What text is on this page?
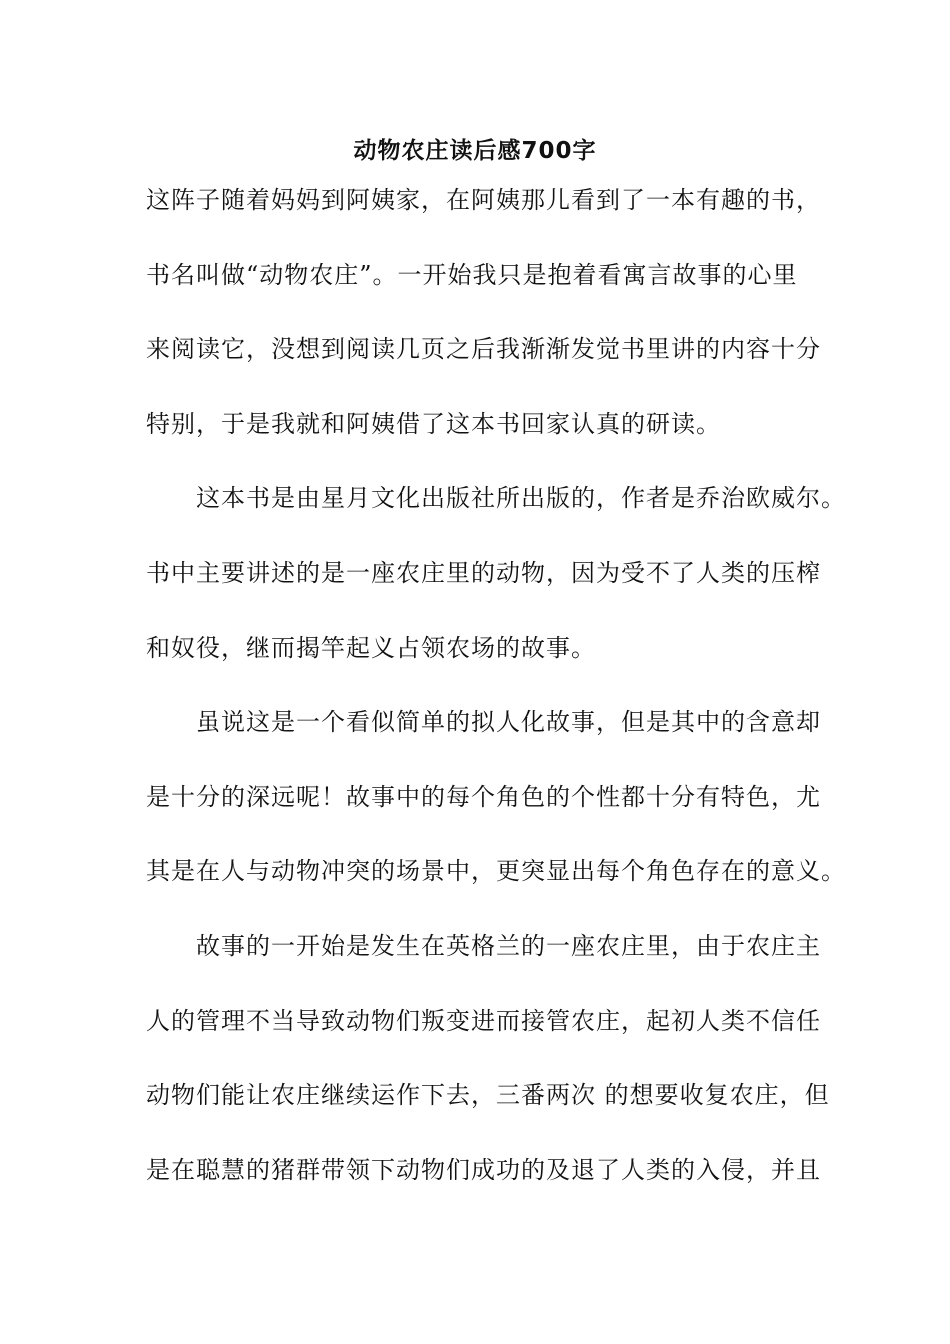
动物农庄读后感700字
这阵子随着妈妈到阿姨家，在阿姨那儿看到了一本有趣的书，
书名叫做“动物农庄”。一开始我只是抱着看寓言故事的心里
来阅读它，没想到阅读几页之后我渐渐发觉书里讲的内容十分
特别，于是我就和阿姨借了这本书回家认真的研读。
　　这本书是由星月文化出版社所出版的，作者是乔治欧威尔。
书中主要讲述的是一座农庄里的动物，因为受不了人类的压榨
和奴役，继而揭竿起义占领农场的故事。
　　虽说这是一个看似简单的拟人化故事，但是其中的含意却
是十分的深远呢！故事中的每个角色的个性都十分有特色，尤
其是在人与动物冲突的场景中，更突显出每个角色存在的意义。
　　故事的一开始是发生在英格兰的一座农庄里，由于农庄主
人的管理不当导致动物们叛变进而接管农庄，起初人类不信任
动物们能让农庄继续运作下去，三番两次 的想要收复农庄，但
是在聪慧的猪群带领下动物们成功的及退了人类的入侵，并且
